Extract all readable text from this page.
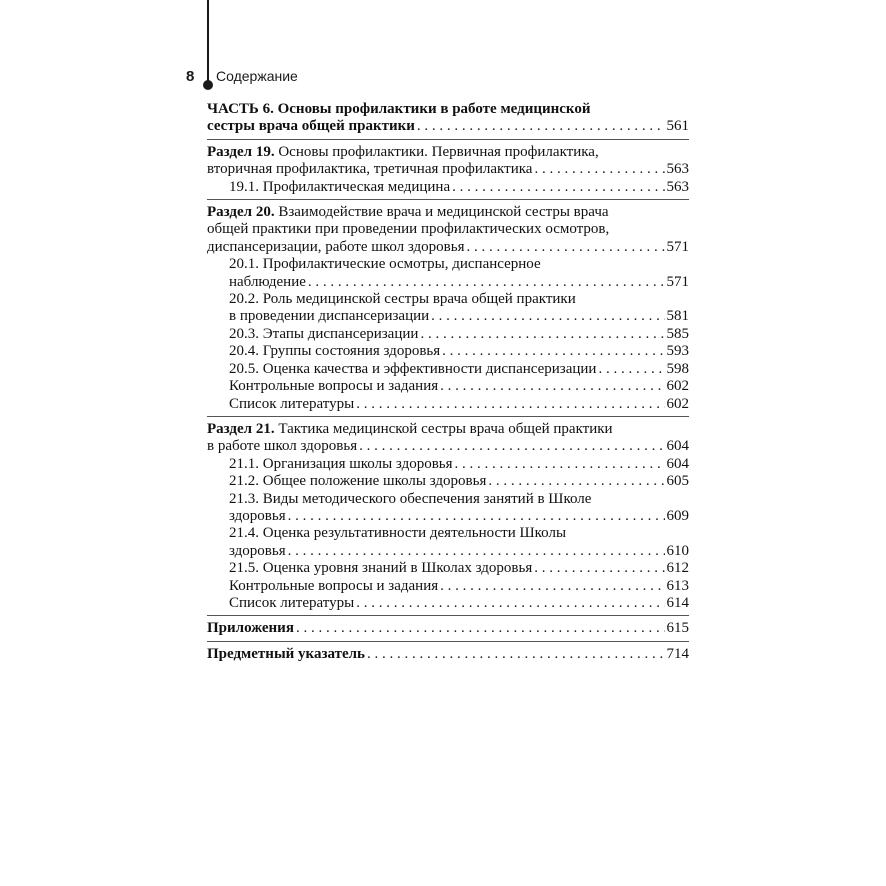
8 Содержание
ЧАСТЬ 6. Основы профилактики в работе медицинской
сестры врача общей практики . . .	561
Раздел 19. Основы профилактики. Первичная профилактика,
вторичная профилактика, третичная профилактика . . .	563
19.1. Профилактическая медицина . . .	563
Раздел 20. Взаимодействие врача и медицинской сестры врача
общей практики при проведении профилактических осмотров,
диспансеризации, работе школ здоровья . . .	571
20.1. Профилактические осмотры, диспансерное
наблюдение . . .	571
20.2. Роль медицинской сестры врача общей практики
в проведении диспансеризации . . .	581
20.3. Этапы диспансеризации . . .	585
20.4. Группы состояния здоровья . . .	593
20.5. Оценка качества и эффективности диспансеризации . . .	598
Контрольные вопросы и задания . . .	602
Список литературы . . .	602
Раздел 21. Тактика медицинской сестры врача общей практики
в работе школ здоровья . . .	604
21.1. Организация школы здоровья . . .	604
21.2. Общее положение школы здоровья . . .	605
21.3. Виды методического обеспечения занятий в Школе
здоровья . . .	609
21.4. Оценка результативности деятельности Школы
здоровья . . .	610
21.5. Оценка уровня знаний в Школах здоровья . . .	612
Контрольные вопросы и задания . . .	613
Список литературы . . .	614
Приложения . . .	615
Предметный указатель . . .	714
